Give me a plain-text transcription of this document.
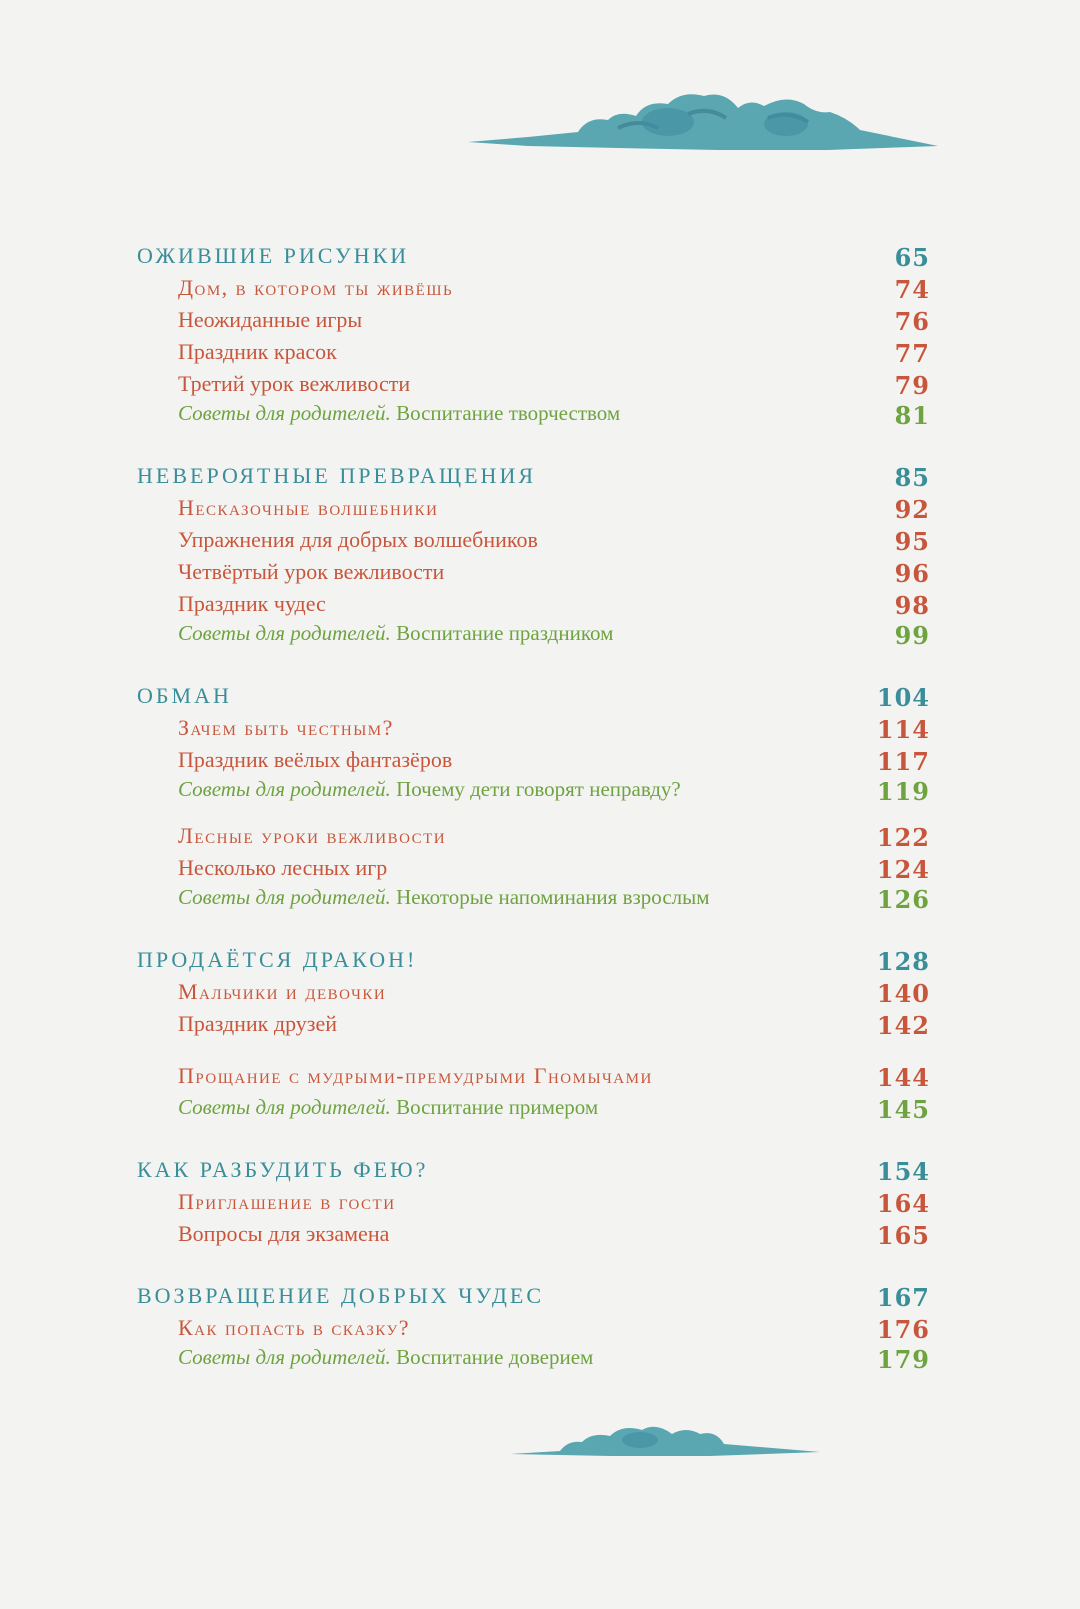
ОЖИВШИЕ РИСУНКИ	65
Дом, в котором ты живёшь	74
Неожиданные игры	76
Праздник красок	77
Третий урок вежливости	79
Советы для родителей. Воспитание творчеством	81
НЕВЕРОЯТНЫЕ ПРЕВРАЩЕНИЯ	85
Несказочные волшебники	92
Упражнения для добрых волшебников	95
Четвёртый урок вежливости	96
Праздник чудес	98
Советы для родителей. Воспитание праздником	99
ОБМАН	104
Зачем быть честным?	114
Праздник веёлых фантазёров	117
Советы для родителей. Почему дети говорят неправду?	119
Лесные уроки вежливости	122
Несколько лесных игр	124
Советы для родителей. Некоторые напоминания взрослым	126
ПРОДАЁТСЯ ДРАКОН!	128
Мальчики и девочки	140
Праздник друзей	142
Прощание с мудрыми-премудрыми Гномычами	144
Советы для родителей. Воспитание примером	145
КАК РАЗБУДИТЬ ФЕЮ?	154
Приглашение в гости	164
Вопросы для экзамена	165
ВОЗВРАЩЕНИЕ ДОБРЫХ ЧУДЕС	167
Как попасть в сказку?	176
Советы для родителей. Воспитание доверием	179
